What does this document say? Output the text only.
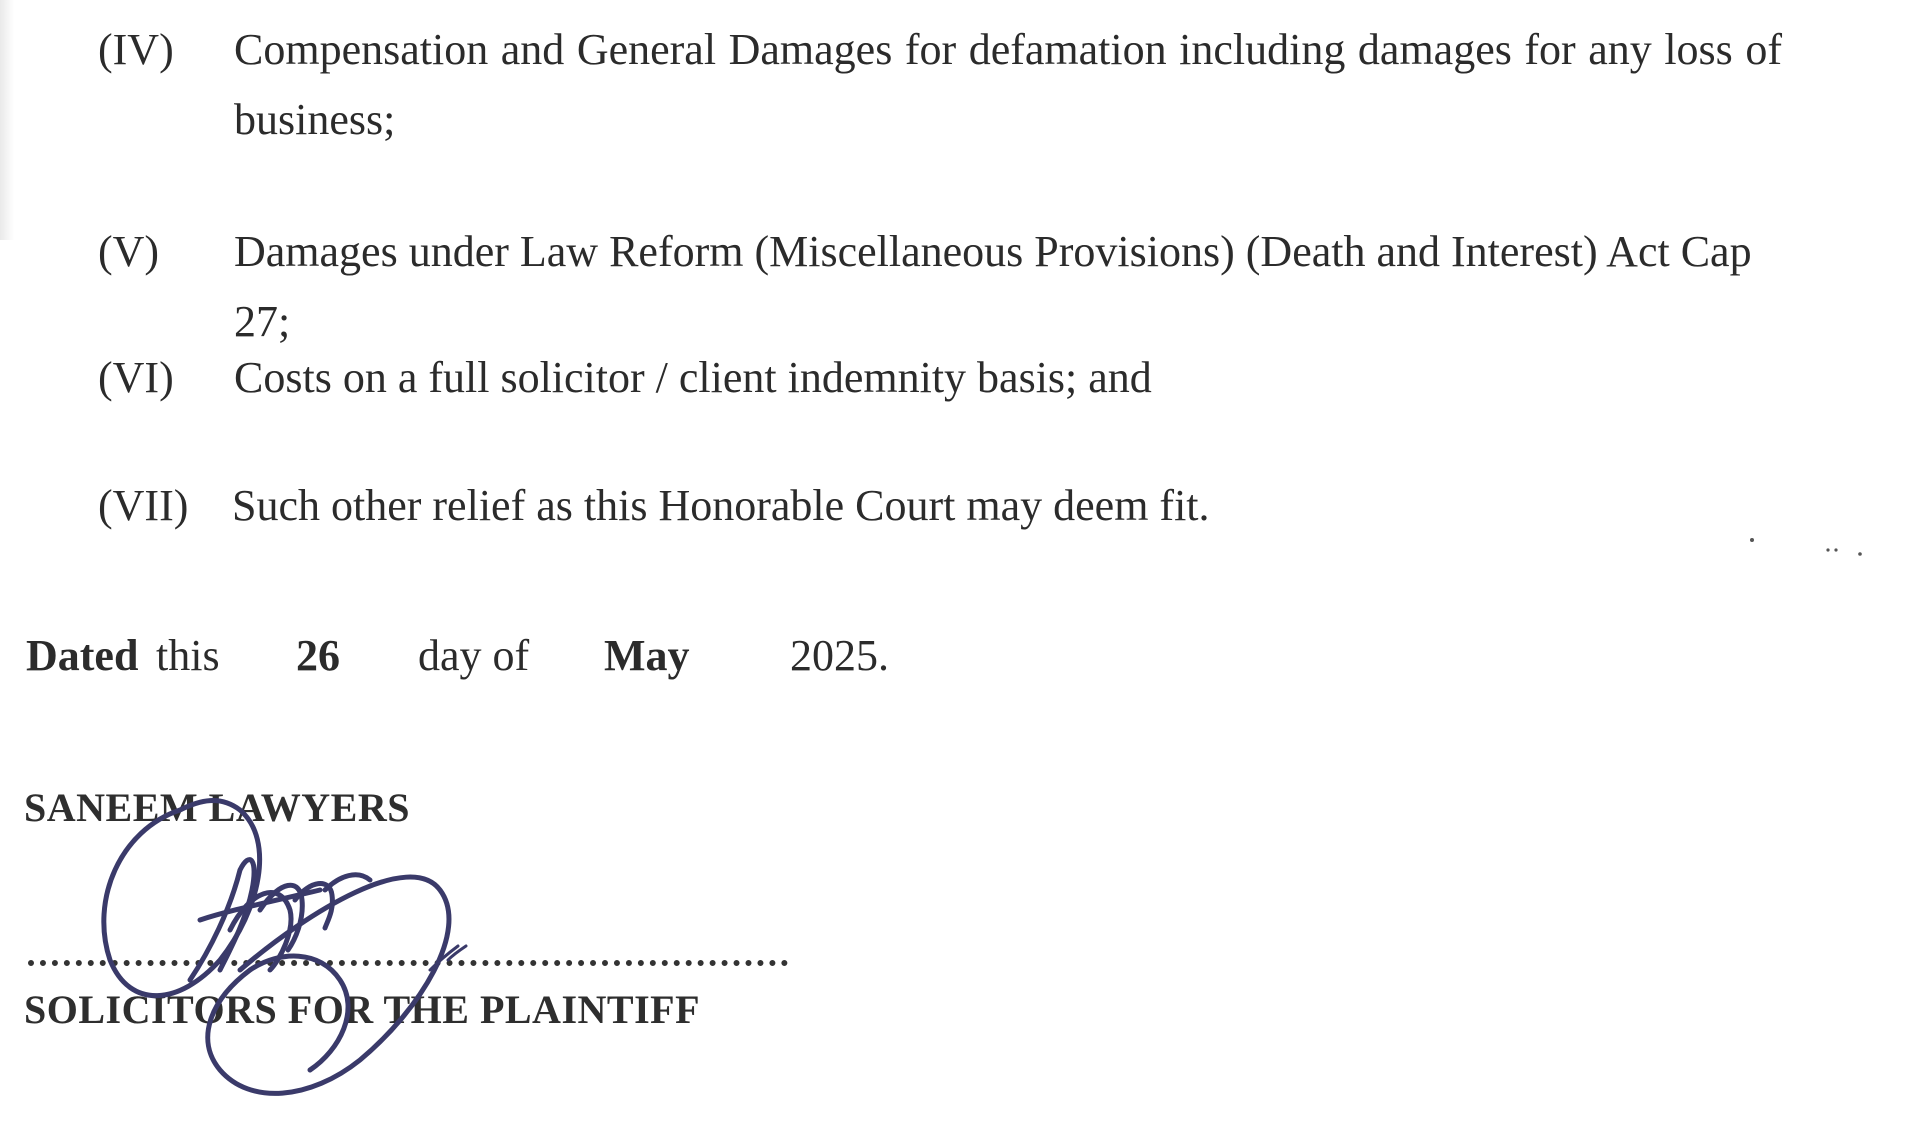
(IV) Compensation and General Damages for defamation including damages for any loss of business;
(V) Damages under Law Reform (Miscellaneous Provisions) (Death and Interest) Act Cap 27;
(VI) Costs on a full solicitor / client indemnity basis; and
(VII) Such other relief as this Honorable Court may deem fit.
Dated this 26 day of May 2025.
SANEEM LAWYERS
SOLICITORS FOR THE PLAINTIFF
